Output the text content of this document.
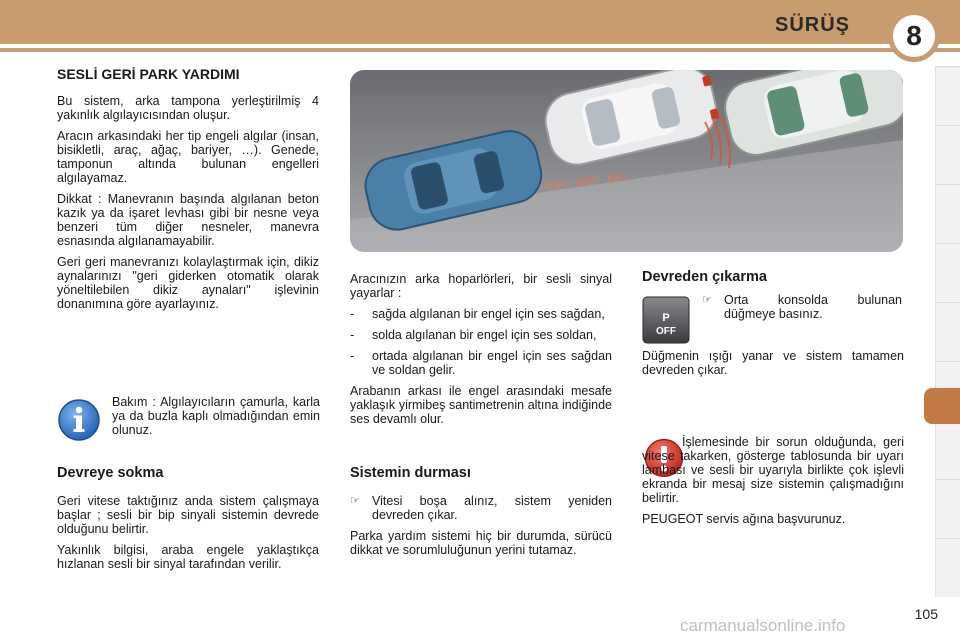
SÜRÜŞ 8
SESLİ GERİ PARK YARDIMI

Bu sistem, arka tampona yerleştirilmiş 4 yakınlık algılayıcısından oluşur.

Aracın arkasındaki her tip engeli algılar (insan, bisikletli, araç, ağaç, bariyer, …). Genede, tamponun altında bulunan engelleri algılayamaz.

Dikkat : Manevranın başında algılanan beton kazık ya da işaret levhası gibi bir nesne veya benzeri tüm diğer nesneler, manevra esnasında algılanamayabilir.

Geri geri manevranızı kolaylaştırmak için, dikiz aynalarınızı "geri giderken otomatik olarak yöneltilebilen dikiz aynaları" işlevinin donanımına göre ayarlayınız.

Bakım : Algılayıcıların çamurla, karla ya da buzla kaplı olmadığından emin olunuz.

Devreye sokma

Geri vitese taktığınız anda sistem çalışmaya başlar ; sesli bir bip sinyali sistemin devrede olduğunu belirtir.

Yakınlık bilgisi, araba engele yaklaştıkça hızlanan sesli bir sinyal tarafından verilir.

BIP... BIP... BIP...

Aracınızın arka hoparlörleri, bir sesli sinyal yayarlar :

-	sağda algılanan bir engel için ses sağdan,
-	solda algılanan bir engel için ses soldan,
-	ortada algılanan bir engel için ses sağdan ve soldan gelir.

Arabanın arkası ile engel arasındaki mesafe yaklaşık yirmibeş santimetrenin altına indiğinde ses devamlı olur.

Sistemin durması
☞ Vitesi boşa alınız, sistem yeniden devreden çıkar.

Parka yardım sistemi hiç bir durumda, sürücü dikkat ve sorumluluğunun yerini tutamaz.

Devreden çıkarma
P
OFF
☞ Orta konsolda bulunan düğmeye basınız.

Düğmenin ışığı yanar ve sistem tamamen devreden çıkar.

İşlemesinde bir sorun olduğunda, geri vitese takarken, gösterge tablosunda bir uyarı lambası ve sesli bir uyarıyla birlikte çok işlevli ekranda bir mesaj size sistemin çalışmadığını belirtir.

PEUGEOT servis ağına başvurunuz.

105
carmanualsonline.info
